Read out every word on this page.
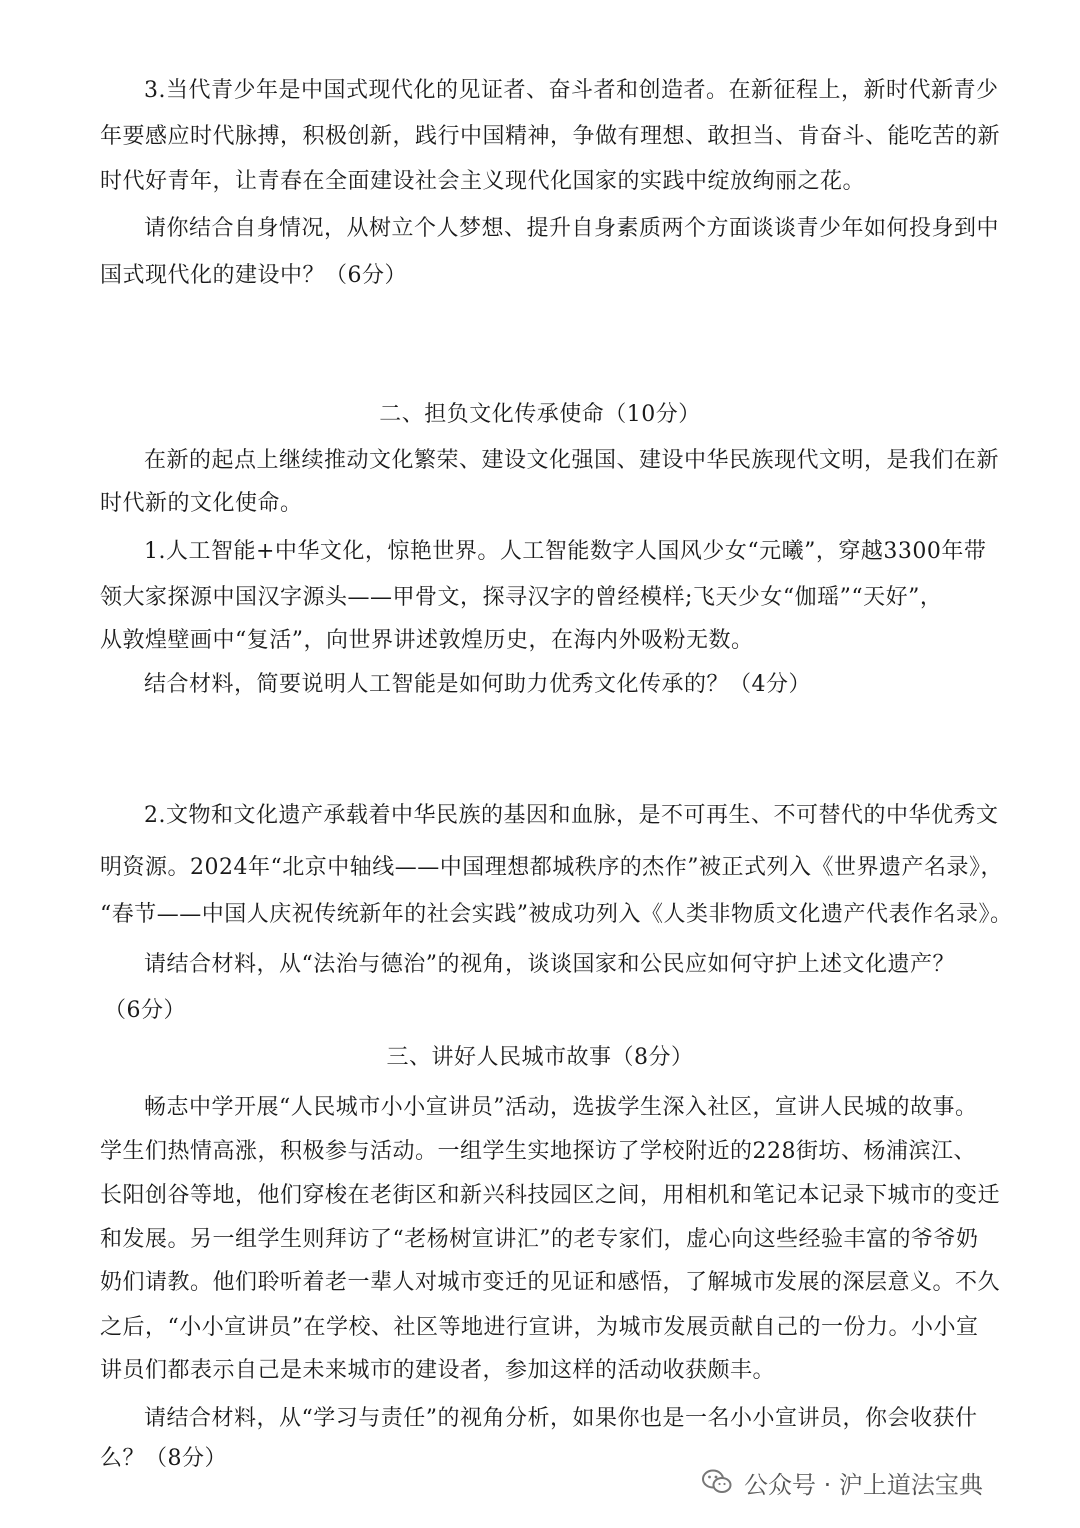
3.当代青少年是中国式现代化的见证者、奋斗者和创造者。在新征程上，新时代新青少
年要感应时代脉搏，积极创新，践行中国精神，争做有理想、敢担当、肯奋斗、能吃苦的新
时代好青年，让青春在全面建设社会主义现代化国家的实践中绽放绚丽之花。
请你结合自身情况，从树立个人梦想、提升自身素质两个方面谈谈青少年如何投身到中
国式现代化的建设中？（6分）
二、担负文化传承使命（10分）
在新的起点上继续推动文化繁荣、建设文化强国、建设中华民族现代文明，是我们在新
时代新的文化使命。
1.人工智能+中华文化，惊艳世界。人工智能数字人国风少女“元曦”，穿越3300年带
领大家探源中国汉字源头——甲骨文，探寻汉字的曾经模样;飞天少女“伽瑶”“天好”，
从敦煌壁画中“复活”，向世界讲述敦煌历史，在海内外吸粉无数。
结合材料，简要说明人工智能是如何助力优秀文化传承的？（4分）
2.文物和文化遗产承载着中华民族的基因和血脉，是不可再生、不可替代的中华优秀文
明资源。2024年“北京中轴线——中国理想都城秩序的杰作”被正式列入《世界遗产名录》，
“春节——中国人庆祝传统新年的社会实践”被成功列入《人类非物质文化遗产代表作名录》。
请结合材料，从“法治与德治”的视角，谈谈国家和公民应如何守护上述文化遗产？
（6分）
三、讲好人民城市故事（8分）
畅志中学开展“人民城市小小宣讲员”活动，选拔学生深入社区，宣讲人民城的故事。
学生们热情高涨，积极参与活动。一组学生实地探访了学校附近的228街坊、杨浦滨江、
长阳创谷等地，他们穿梭在老街区和新兴科技园区之间，用相机和笔记本记录下城市的变迁
和发展。另一组学生则拜访了“老杨树宣讲汇”的老专家们，虚心向这些经验丰富的爷爷奶
奶们请教。他们聆听着老一辈人对城市变迁的见证和感悟，了解城市发展的深层意义。不久
之后，“小小宣讲员”在学校、社区等地进行宣讲，为城市发展贡献自己的一份力。小小宣
讲员们都表示自己是未来城市的建设者，参加这样的活动收获颇丰。
请结合材料，从“学习与责任”的视角分析，如果你也是一名小小宣讲员，你会收获什
么？（8分）
公众号 · 沪上道法宝典
